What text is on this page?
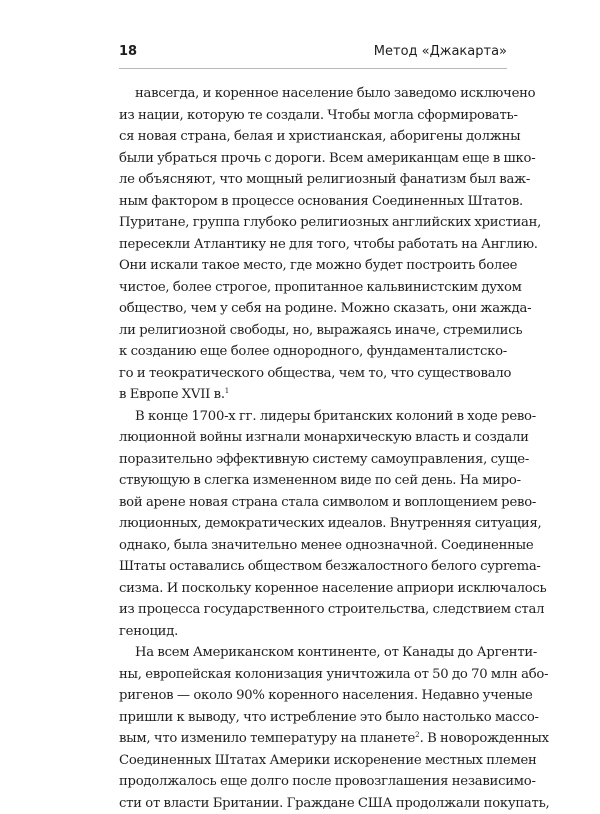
18	Метод «Джакарта»
навсегда, и коренное население было заведомо исключено
из нации, которую те создали. Чтобы могла сформировать-
ся новая страна, белая и христианская, аборигены должны
были убраться прочь с дороги. Всем американцам еще в шко-
ле объясняют, что мощный религиозный фанатизм был важ-
ным фактором в процессе основания Соединенных Штатов.
Пуритане, группа глубоко религиозных английских христиан,
пересекли Атлантику не для того, чтобы работать на Англию.
Они искали такое место, где можно будет построить более
чистое, более строгое, пропитанное кальвинистским духом
общество, чем у себя на родине. Можно сказать, они жажда-
ли религиозной свободы, но, выражаясь иначе, стремились
к созданию еще более однородного, фундаменталистско-
го и теократического общества, чем то, что существовало
в Европе XVII в.$^1$
В конце 1700-х гг. лидеры британских колоний в ходе рево-
люционной войны изгнали монархическую власть и создали
поразительно эффективную систему самоуправления, суще-
ствующую в слегка измененном виде по сей день. На миро-
вой арене новая страна стала символом и воплощением рево-
люционных, демократических идеалов. Внутренняя ситуация,
однако, была значительно менее однозначной. Соединенные
Штаты оставались обществом безжалостного белого суprema-
сизма. И поскольку коренное население априори исключалось
из процесса государственного строительства, следствием стал
геноцид.
На всем Американском континенте, от Канады до Аргенти-
ны, европейская колонизация уничтожила от 50 до 70 млн або-
ригенов — около 90% коренного населения. Недавно ученые
пришли к выводу, что истребление это было настолько массо-
вым, что изменило температуру на планете$^2$. В новорожденных
Соединенных Штатах Америки искоренение местных племен
продолжалось еще долго после провозглашения независимо-
сти от власти Британии. Граждане США продолжали покупать,
